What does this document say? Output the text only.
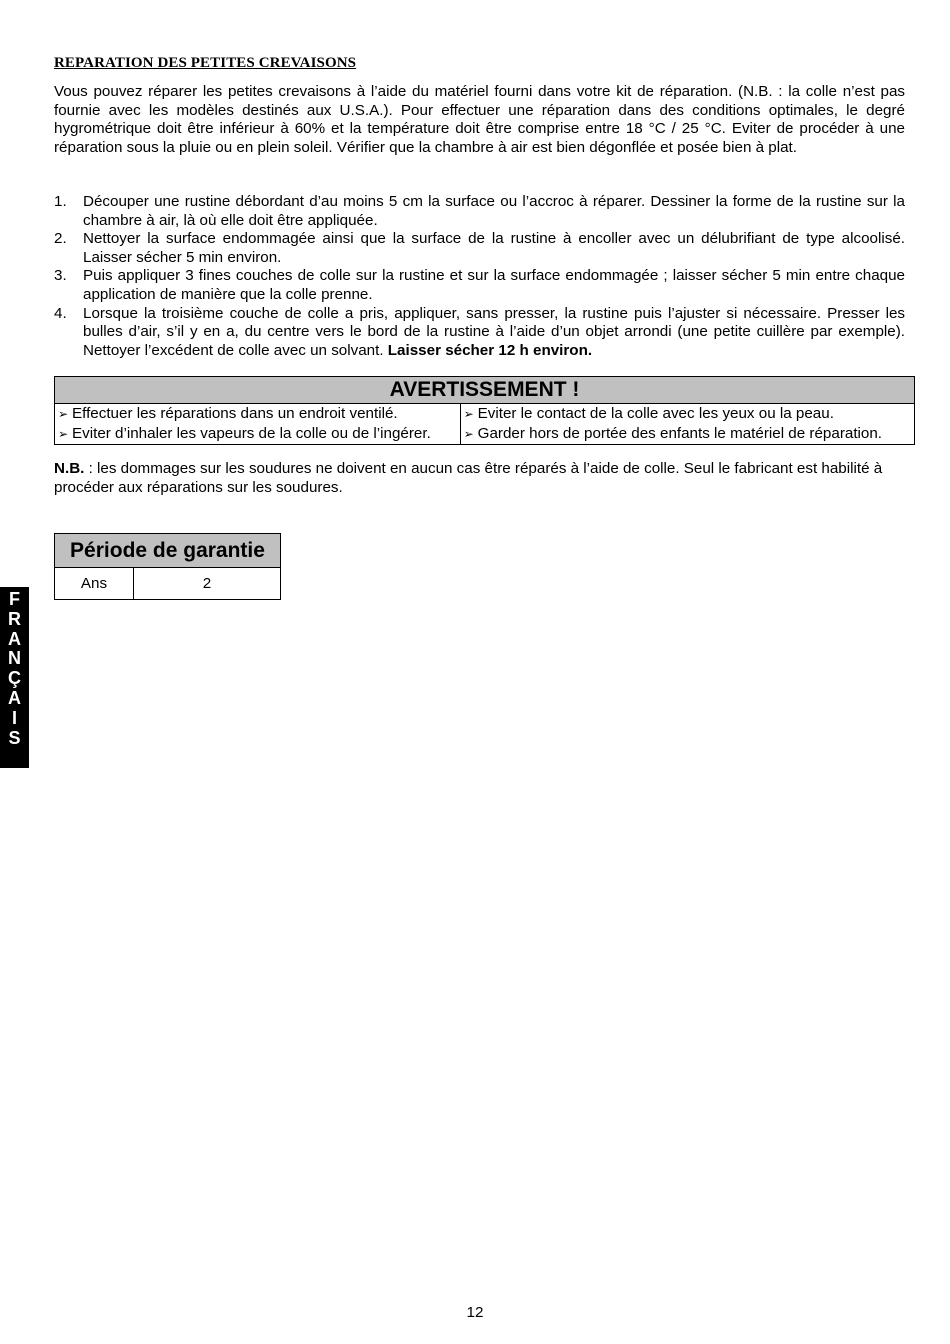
REPARATION DES PETITES CREVAISONS

Vous pouvez réparer les petites crevaisons à l’aide du matériel fourni dans votre kit de réparation. (N.B. : la colle n’est pas fournie avec les modèles destinés aux U.S.A.). Pour effectuer une réparation dans des conditions optimales, le degré hygrométrique doit être inférieur à 60% et la température doit être comprise entre 18 °C / 25 °C. Eviter de procéder à une réparation sous la pluie ou en plein soleil. Vérifier que la chambre à air est bien dégonflée et posée bien à plat.

1. Découper une rustine débordant d’au moins 5 cm la surface ou l’accroc à réparer. Dessiner la forme de la rustine sur la chambre à air, là où elle doit être appliquée.
2. Nettoyer la surface endommagée ainsi que la surface de la rustine à encoller avec un délubrifiant de type alcoolisé. Laisser sécher 5 min environ.
3. Puis appliquer 3 fines couches de colle sur la rustine et sur la surface endommagée ; laisser sécher 5 min entre chaque application de manière que la colle prenne.
4. Lorsque la troisième couche de colle a pris, appliquer, sans presser, la rustine puis l’ajuster si nécessaire. Presser les bulles d’air, s’il y en a, du centre vers le bord de la rustine à l’aide d’un objet arrondi (une petite cuillère par exemple). Nettoyer l’excédent de colle avec un solvant. Laisser sécher 12 h environ.
AVERTISSEMENT !

➢ Effectuer les réparations dans un endroit ventilé.
➢ Eviter d’inhaler les vapeurs de la colle ou de l’ingérer.

➢ Eviter le contact de la colle avec les yeux ou la peau.
➢ Garder hors de portée des enfants le matériel de réparation.

N.B. : les dommages sur les soudures ne doivent en aucun cas être réparés à l’aide de colle. Seul le fabricant est habilité à procéder aux réparations sur les soudures.

Période de garantie
Ans	2
F
R
A
N
Ç
A
I
S
12
